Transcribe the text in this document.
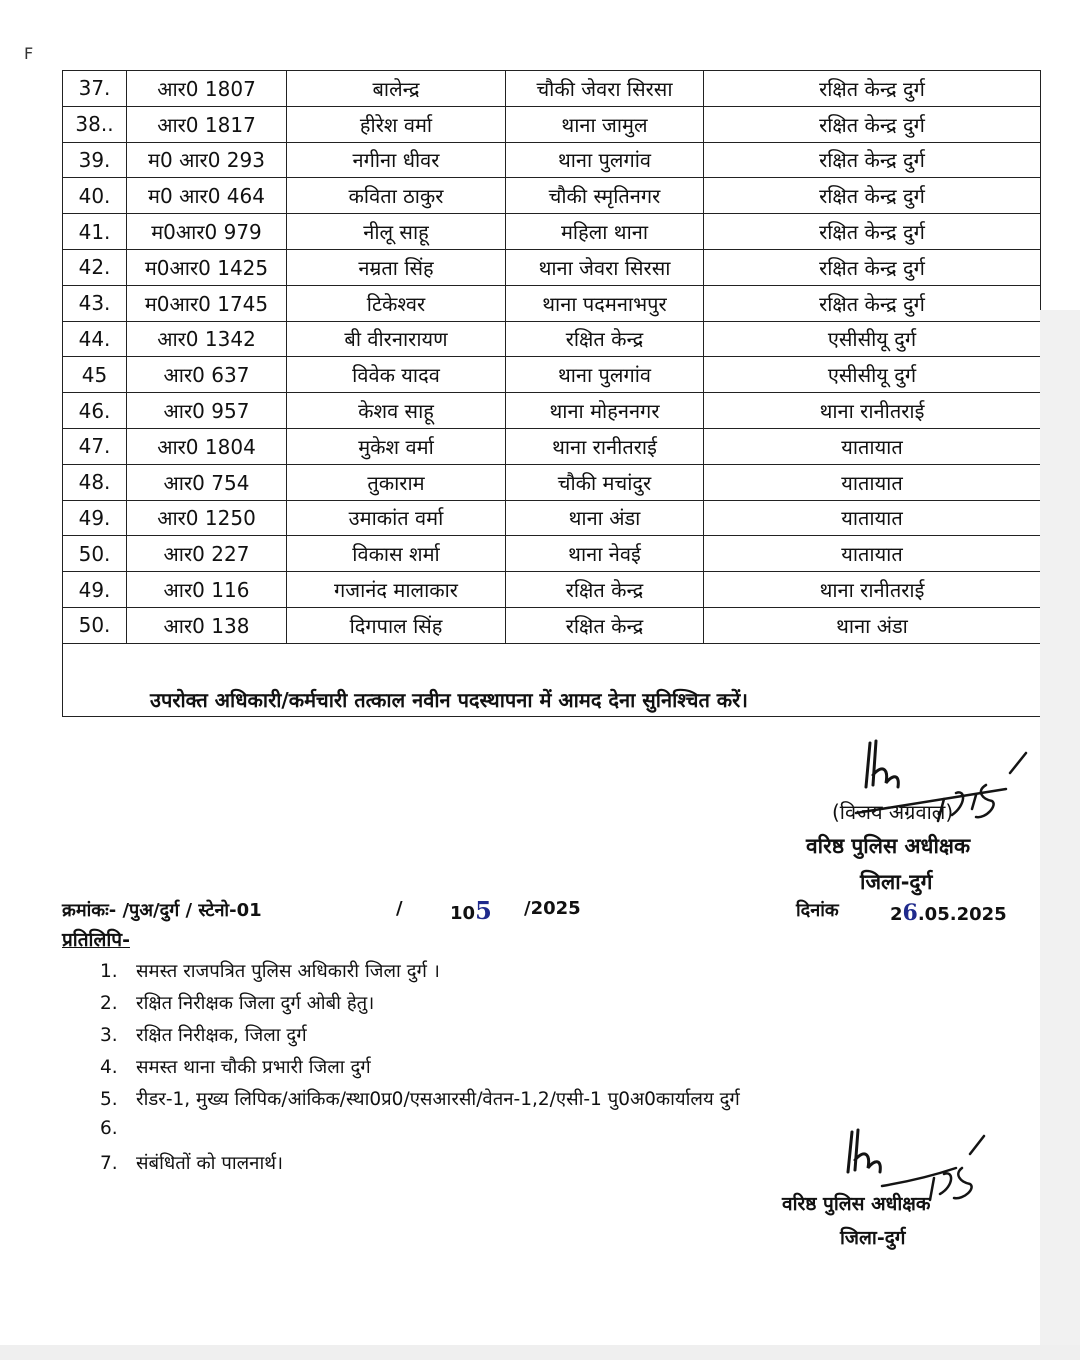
F
37.	आर0 1807	बालेन्द्र	चौकी जेवरा सिरसा	रक्षित केन्द्र दुर्ग
38..	आर0 1817	हीरेश वर्मा	थाना जामुल	रक्षित केन्द्र दुर्ग
39.	म0 आर0 293	नगीना धीवर	थाना पुलगांव	रक्षित केन्द्र दुर्ग
40.	म0 आर0 464	कविता ठाकुर	चौकी स्मृतिनगर	रक्षित केन्द्र दुर्ग
41.	म0आर0 979	नीलू साहू	महिला थाना	रक्षित केन्द्र दुर्ग
42.	म0आर0 1425	नम्रता सिंह	थाना जेवरा सिरसा	रक्षित केन्द्र दुर्ग
43.	म0आर0 1745	टिकेश्वर	थाना पदमनाभपुर	रक्षित केन्द्र दुर्ग
44.	आर0 1342	बी वीरनारायण	रक्षित केन्द्र	एसीसीयू दुर्ग
45	आर0 637	विवेक यादव	थाना पुलगांव	एसीसीयू दुर्ग
46.	आर0 957	केशव साहू	थाना मोहननगर	थाना रानीतराई
47.	आर0 1804	मुकेश वर्मा	थाना रानीतराई	यातायात
48.	आर0 754	तुकाराम	चौकी मचांदुर	यातायात
49.	आर0 1250	उमाकांत वर्मा	थाना अंडा	यातायात
50.	आर0 227	विकास शर्मा	थाना नेवई	यातायात
49.	आर0 116	गजानंद मालाकार	रक्षित केन्द्र	थाना रानीतराई
50.	आर0 138	दिगपाल सिंह	रक्षित केन्द्र	थाना अंडा
उपरोक्त अधिकारी/कर्मचारी तत्काल नवीन पदस्थापना में आमद देना सुनिश्चित करें।
(विजय अग्रवाल)
वरिष्ठ पुलिस अधीक्षक
जिला-दुर्ग
क्रमांकः- /पुअ/दुर्ग / स्टेनो-01	/	105 /2025	दिनांक	26.05.2025
प्रतिलिपि-
1. समस्त राजपत्रित पुलिस अधिकारी जिला दुर्ग ।
2. रक्षित निरीक्षक जिला दुर्ग ओबी हेतु।
3. रक्षित निरीक्षक, जिला दुर्ग
4. समस्त थाना चौकी प्रभारी जिला दुर्ग
5. रीडर-1, मुख्य लिपिक/आंकिक/स्था0प्र0/एसआरसी/वेतन-1,2/एसी-1 पु0अ0कार्यालय दुर्ग
6.
7. संबंधितों को पालनार्थ।
वरिष्ठ पुलिस अधीक्षक
जिला-दुर्ग
